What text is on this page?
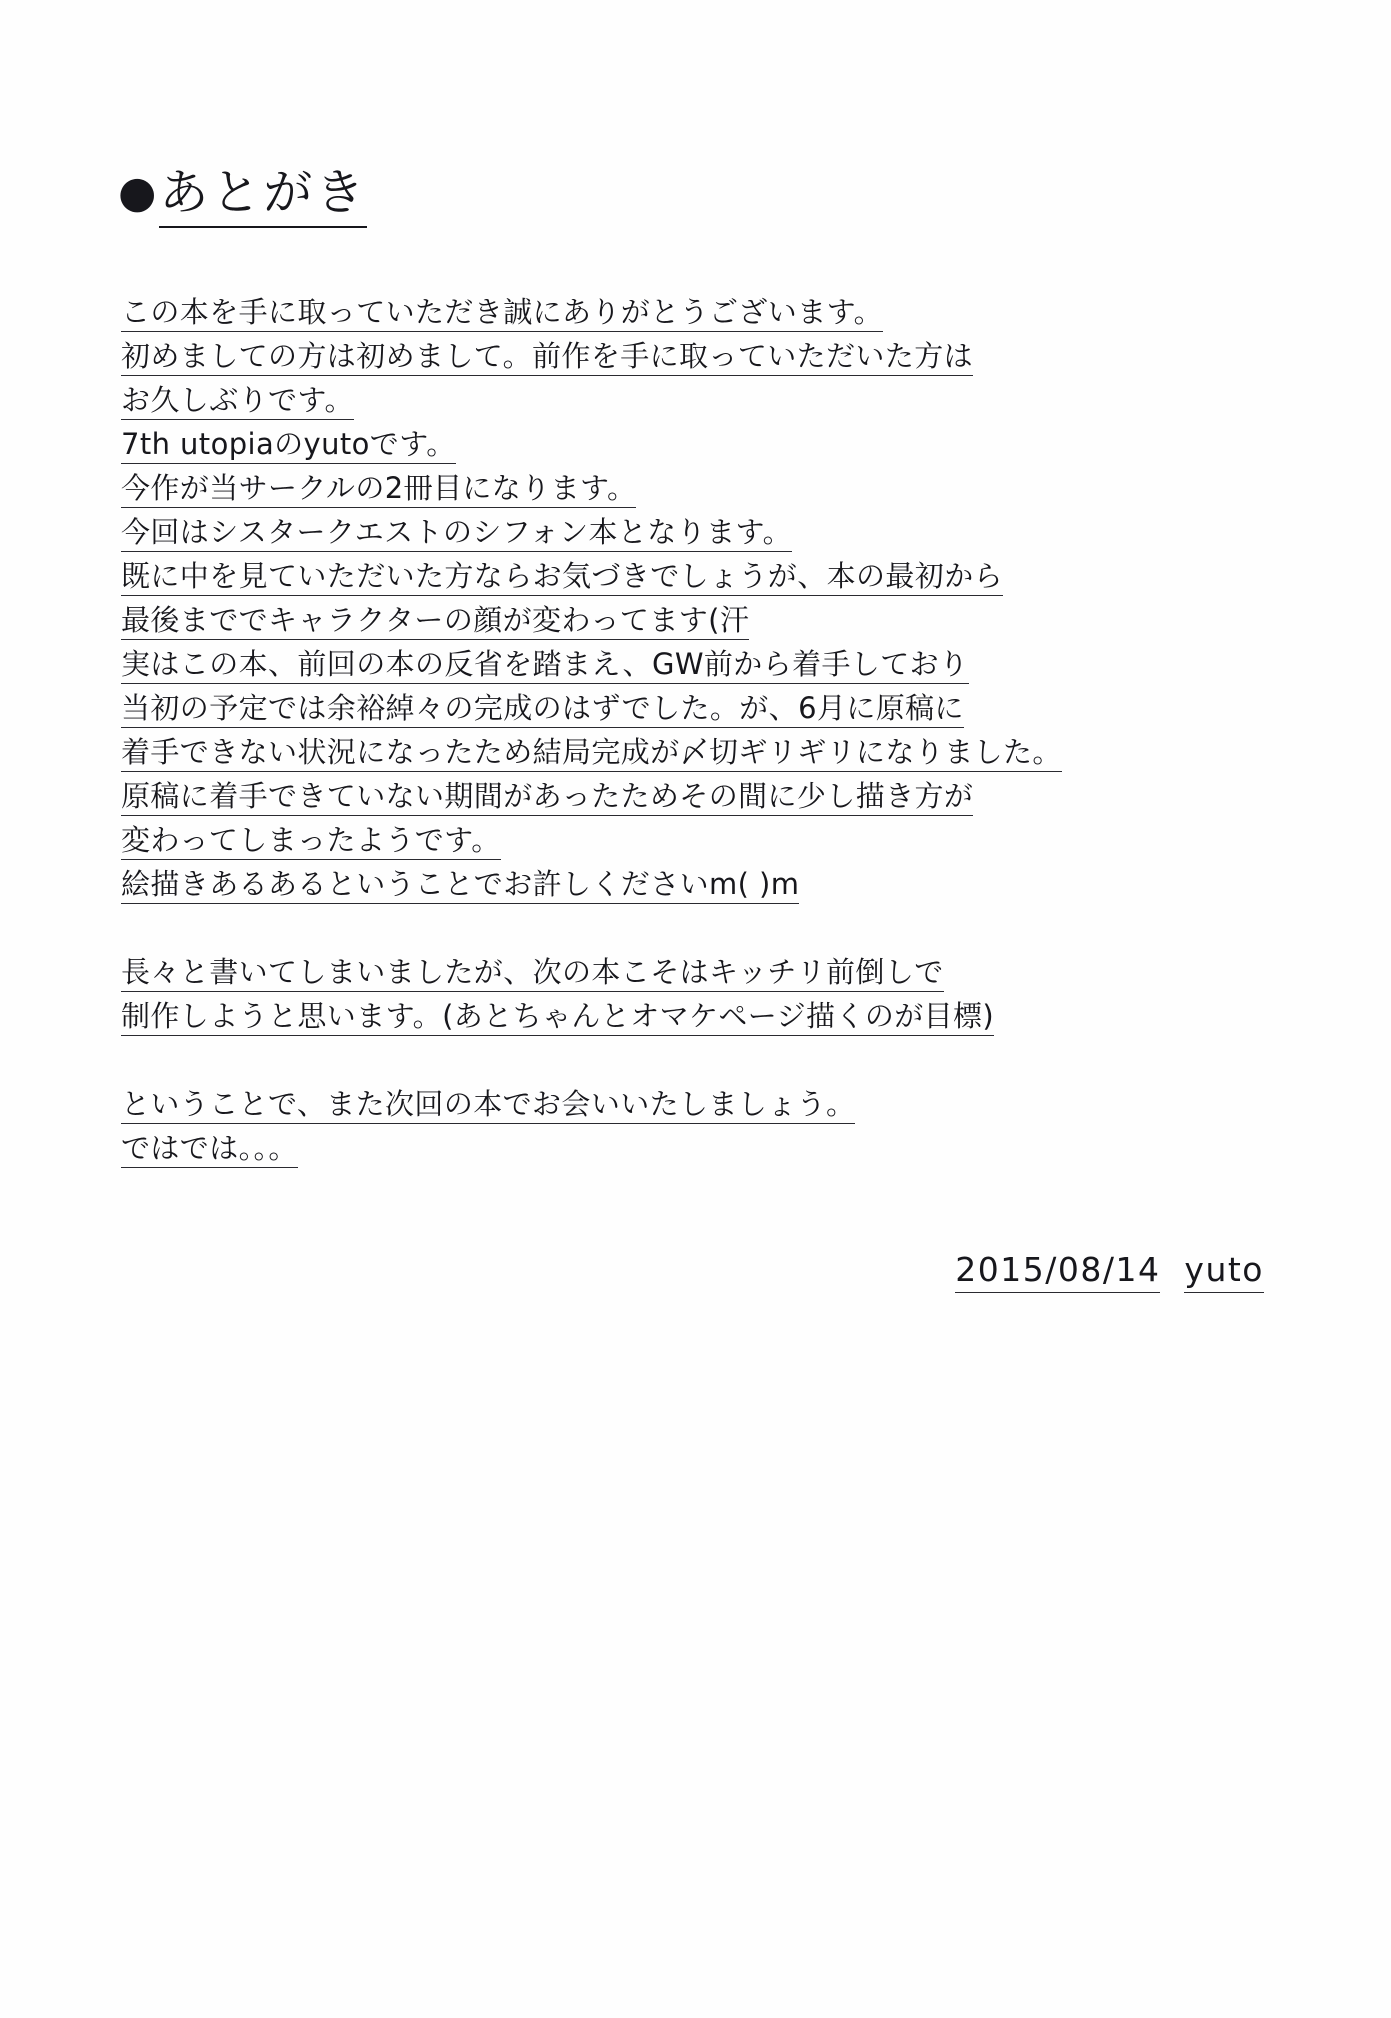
●あとがき
この本を手に取っていただき誠にありがとうございます。
初めましての方は初めまして。前作を手に取っていただいた方は
お久しぶりです。
7th utopiaのyutoです。
今作が当サークルの2冊目になります。
今回はシスタークエストのシフォン本となります。
既に中を見ていただいた方ならお気づきでしょうが、本の最初から
最後まででキャラクターの顔が変わってます(汗
実はこの本、前回の本の反省を踏まえ、GW前から着手しており
当初の予定では余裕綽々の完成のはずでした。が、6月に原稿に
着手できない状況になったため結局完成が〆切ギリギリになりました。
原稿に着手できていない期間があったためその間に少し描き方が
変わってしまったようです。
絵描きあるあるということでお許しくださいm( )m
長々と書いてしまいましたが、次の本こそはキッチリ前倒しで
制作しようと思います。(あとちゃんとオマケページ描くのが目標)
ということで、また次回の本でお会いいたしましょう。
ではでは。。。
2015/08/14 yuto
